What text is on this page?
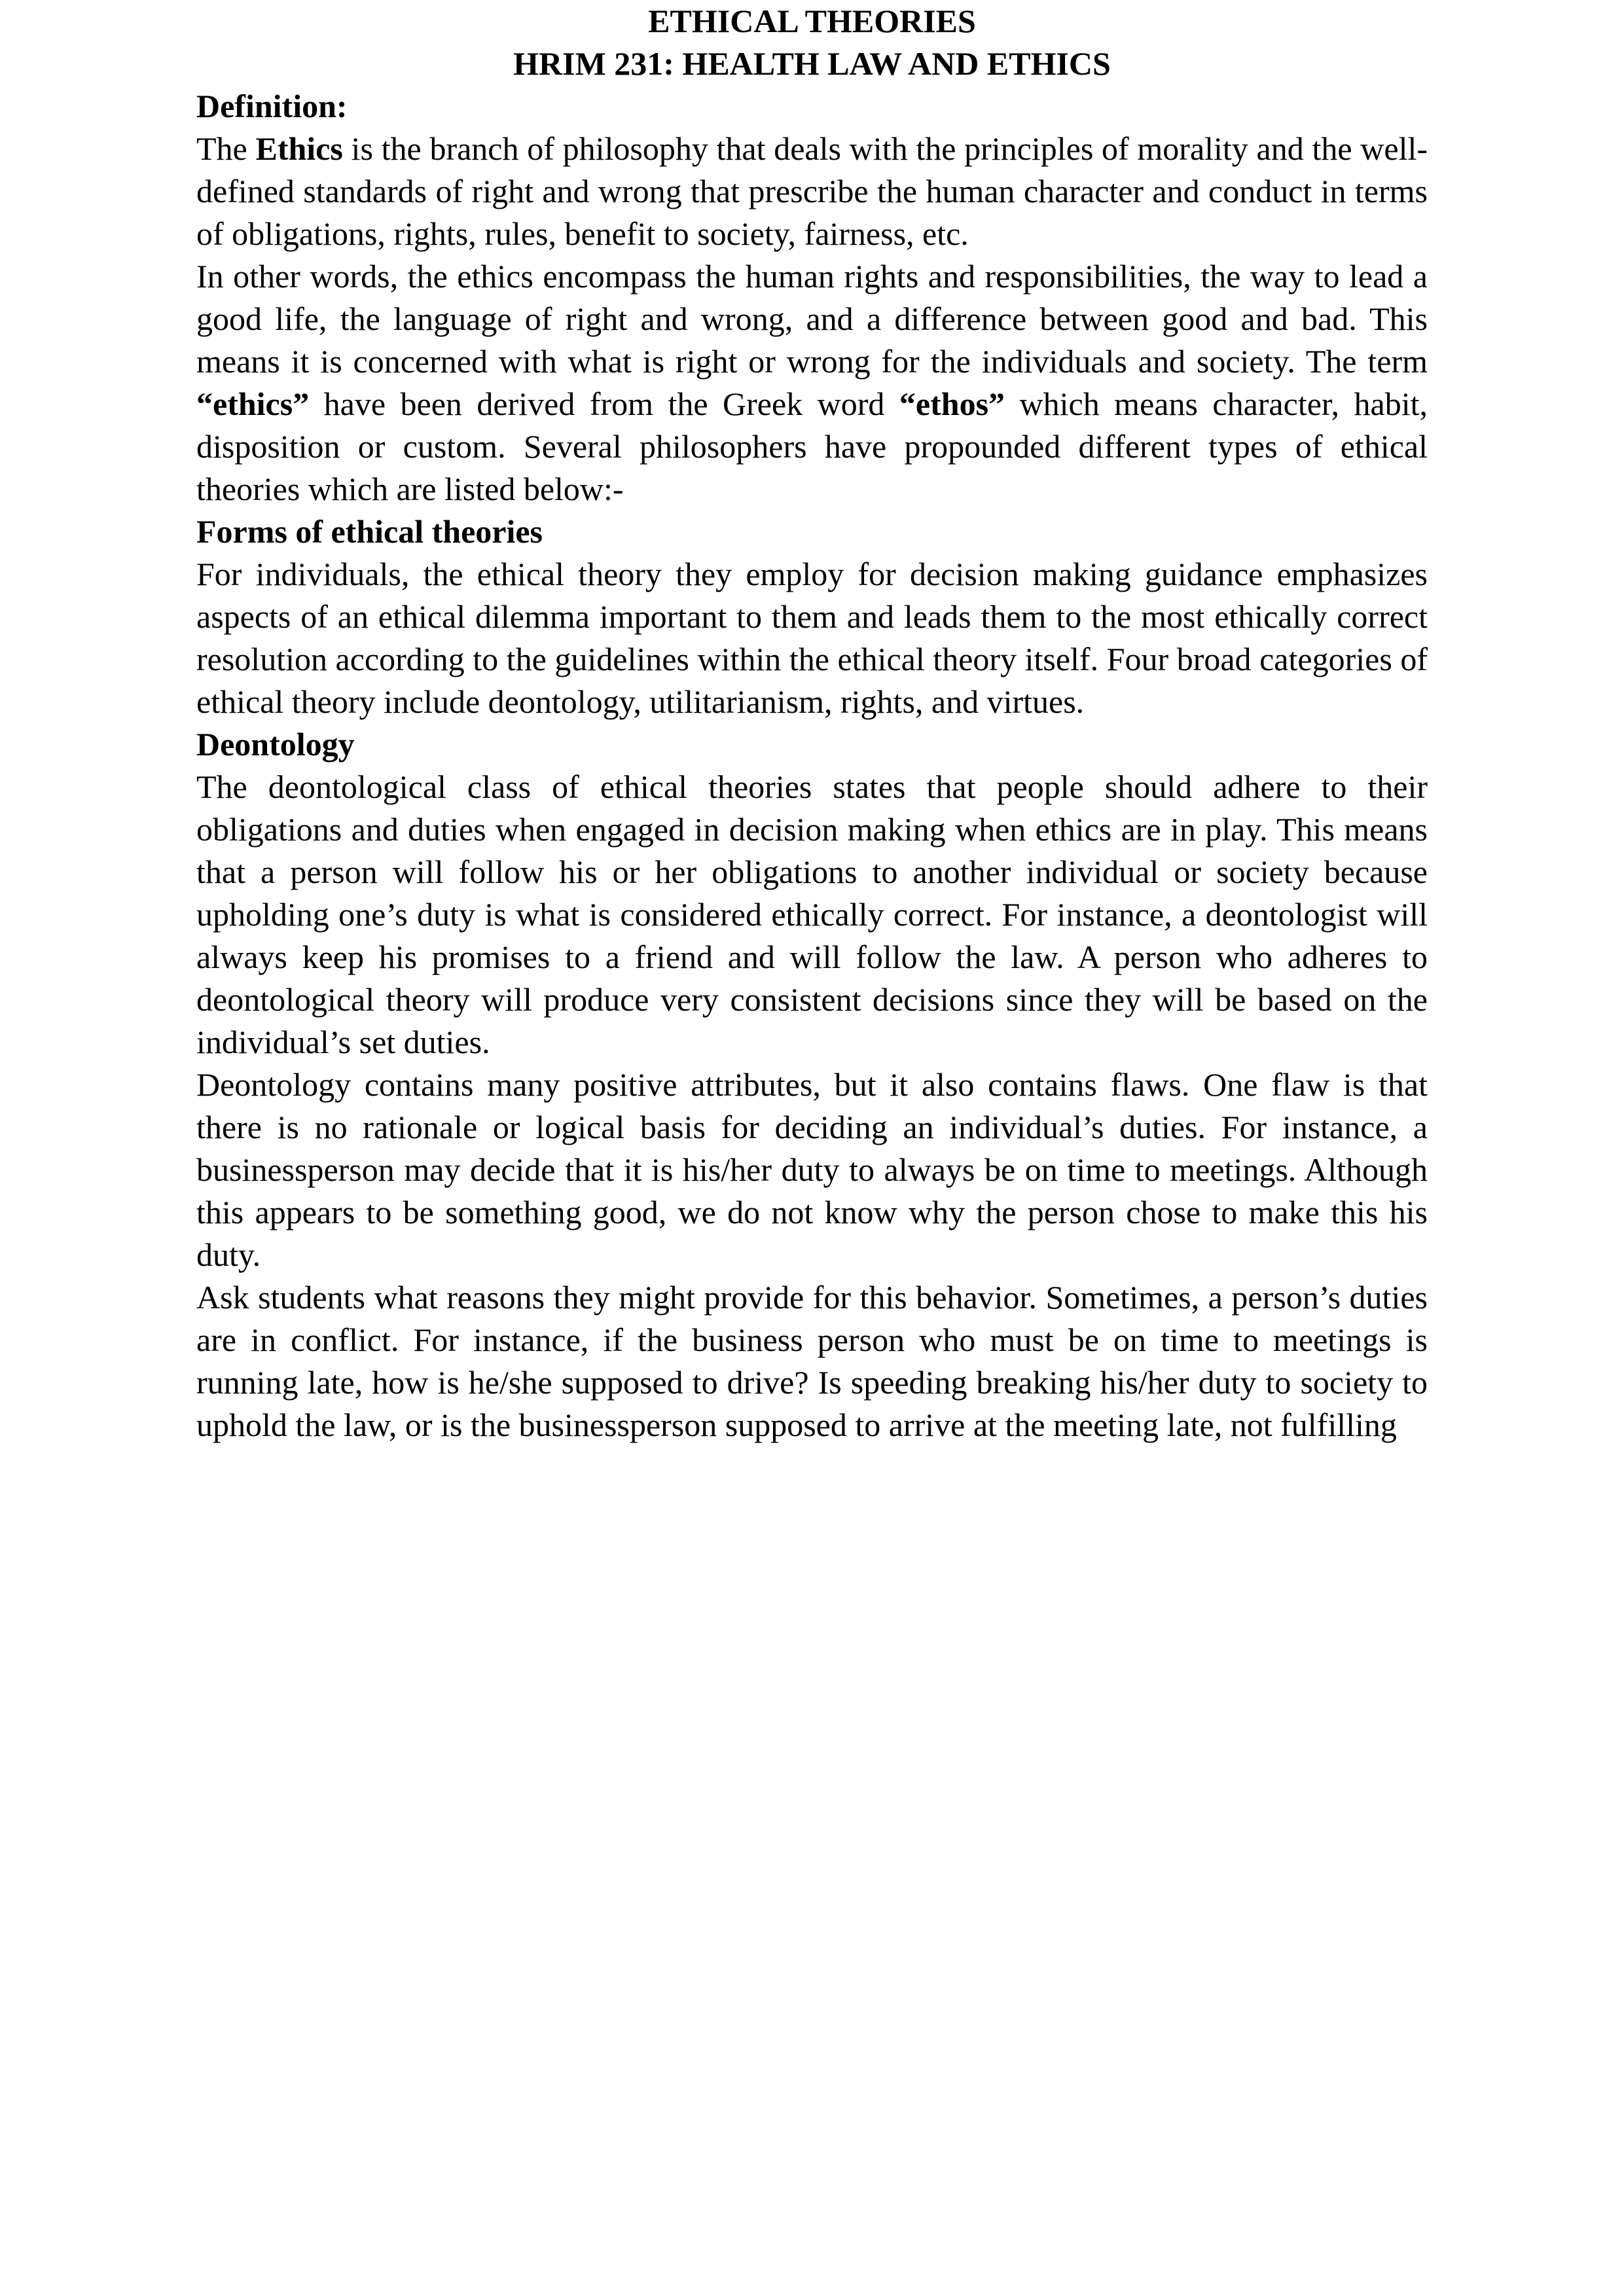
ETHICAL THEORIES
HRIM 231: HEALTH LAW AND ETHICS
Definition:

The Ethics is the branch of philosophy that deals with the principles of morality and the well-defined standards of right and wrong that prescribe the human character and conduct in terms of obligations, rights, rules, benefit to society, fairness, etc.

In other words, the ethics encompass the human rights and responsibilities, the way to lead a good life, the language of right and wrong, and a difference between good and bad. This means it is concerned with what is right or wrong for the individuals and society. The term “ethics” have been derived from the Greek word “ethos” which means character, habit, disposition or custom. Several philosophers have propounded different types of ethical theories which are listed below:-

Forms of ethical theories

For individuals, the ethical theory they employ for decision making guidance emphasizes aspects of an ethical dilemma important to them and leads them to the most ethically correct resolution according to the guidelines within the ethical theory itself. Four broad categories of ethical theory include deontology, utilitarianism, rights, and virtues.

Deontology

The deontological class of ethical theories states that people should adhere to their obligations and duties when engaged in decision making when ethics are in play. This means that a person will follow his or her obligations to another individual or society because upholding one’s duty is what is considered ethically correct. For instance, a deontologist will always keep his promises to a friend and will follow the law. A person who adheres to deontological theory will produce very consistent decisions since they will be based on the individual’s set duties.

Deontology contains many positive attributes, but it also contains flaws. One flaw is that there is no rationale or logical basis for deciding an individual’s duties. For instance, a businessperson may decide that it is his/her duty to always be on time to meetings. Although this appears to be something good, we do not know why the person chose to make this his duty.

Ask students what reasons they might provide for this behavior. Sometimes, a person’s duties are in conflict. For instance, if the business person who must be on time to meetings is running late, how is he/she supposed to drive? Is speeding breaking his/her duty to society to uphold the law, or is the businessperson supposed to arrive at the meeting late, not fulfilling
